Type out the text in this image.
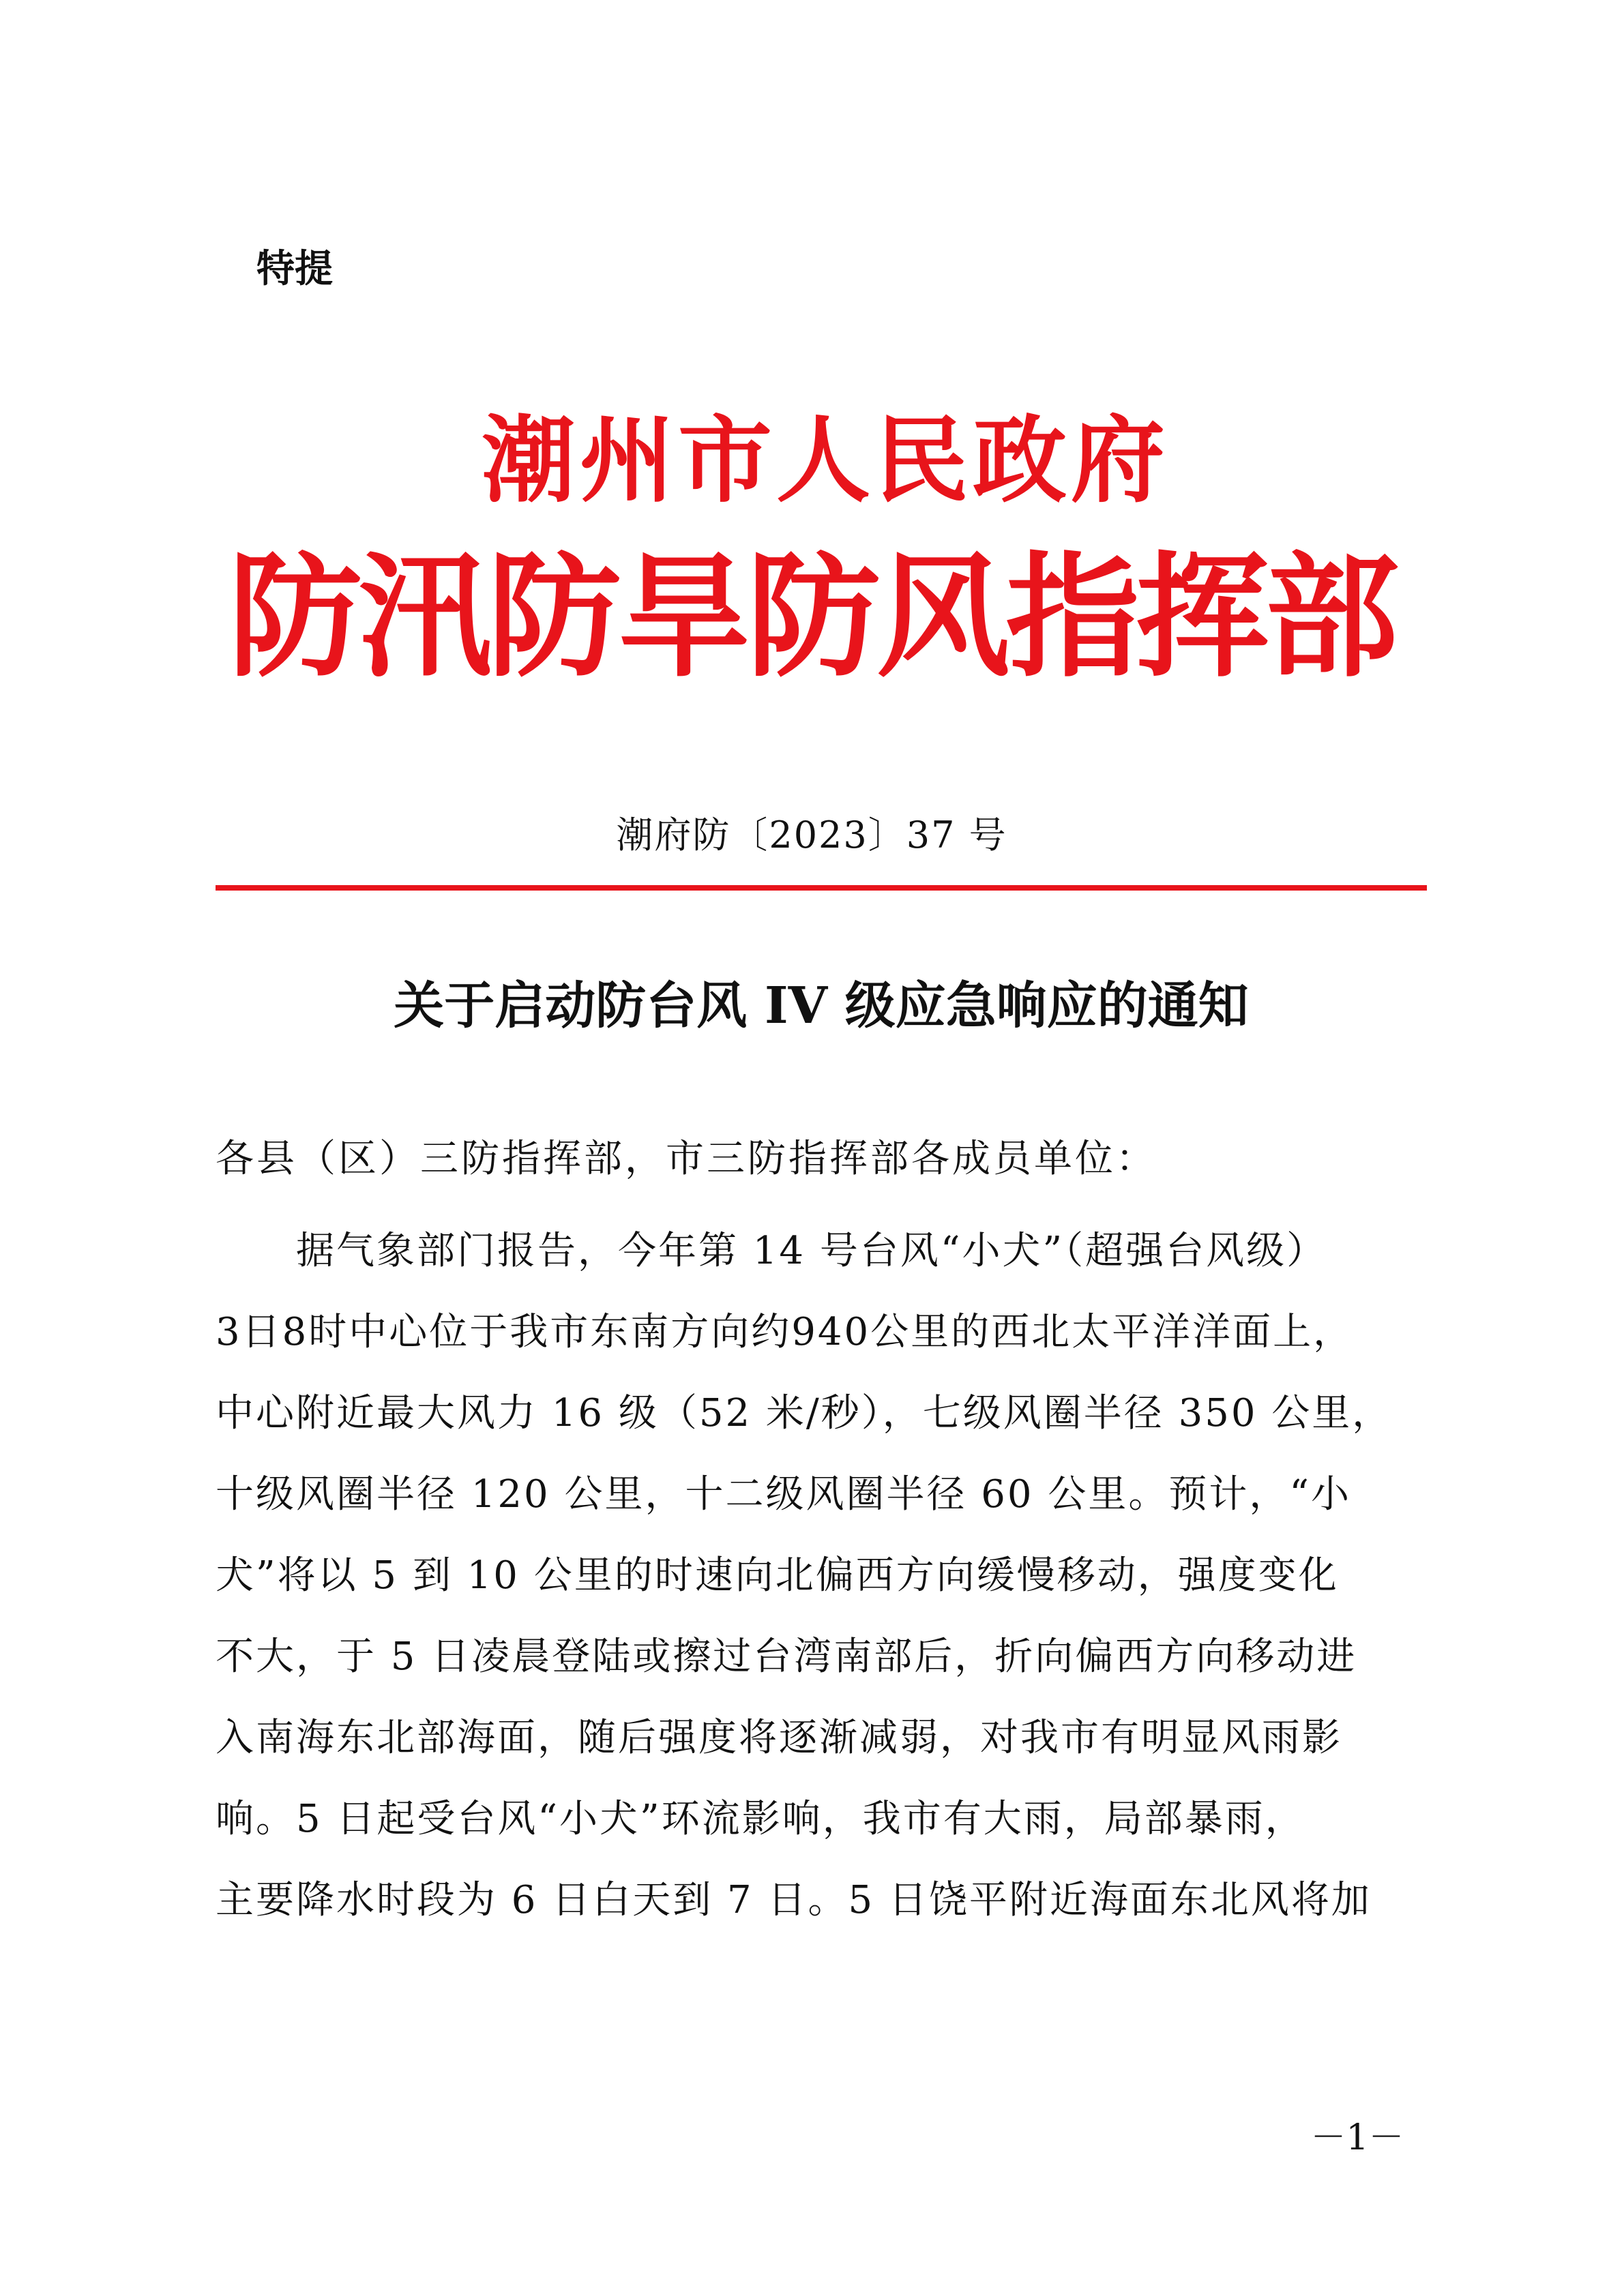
特提
潮州市人民政府
防汛防旱防风指挥部
潮府防〔2023〕37 号
关于启动防台风 IV 级应急响应的通知
各县（区）三防指挥部，市三防指挥部各成员单位：
据气象部门报告，今年第 14 号台风“小犬”（超强台风级）
3日8时中心位于我市东南方向约940公里的西北太平洋洋面上，
中心附近最大风力 16 级（52 米/秒），七级风圈半径 350 公里，
十级风圈半径 120 公里，十二级风圈半径 60 公里。预计，“小
犬”将以 5 到 10 公里的时速向北偏西方向缓慢移动，强度变化
不大，于 5 日凌晨登陆或擦过台湾南部后，折向偏西方向移动进
入南海东北部海面，随后强度将逐渐减弱，对我市有明显风雨影
响。5 日起受台风“小犬”环流影响，我市有大雨，局部暴雨，
主要降水时段为 6 日白天到 7 日。5 日饶平附近海面东北风将加
－1－
